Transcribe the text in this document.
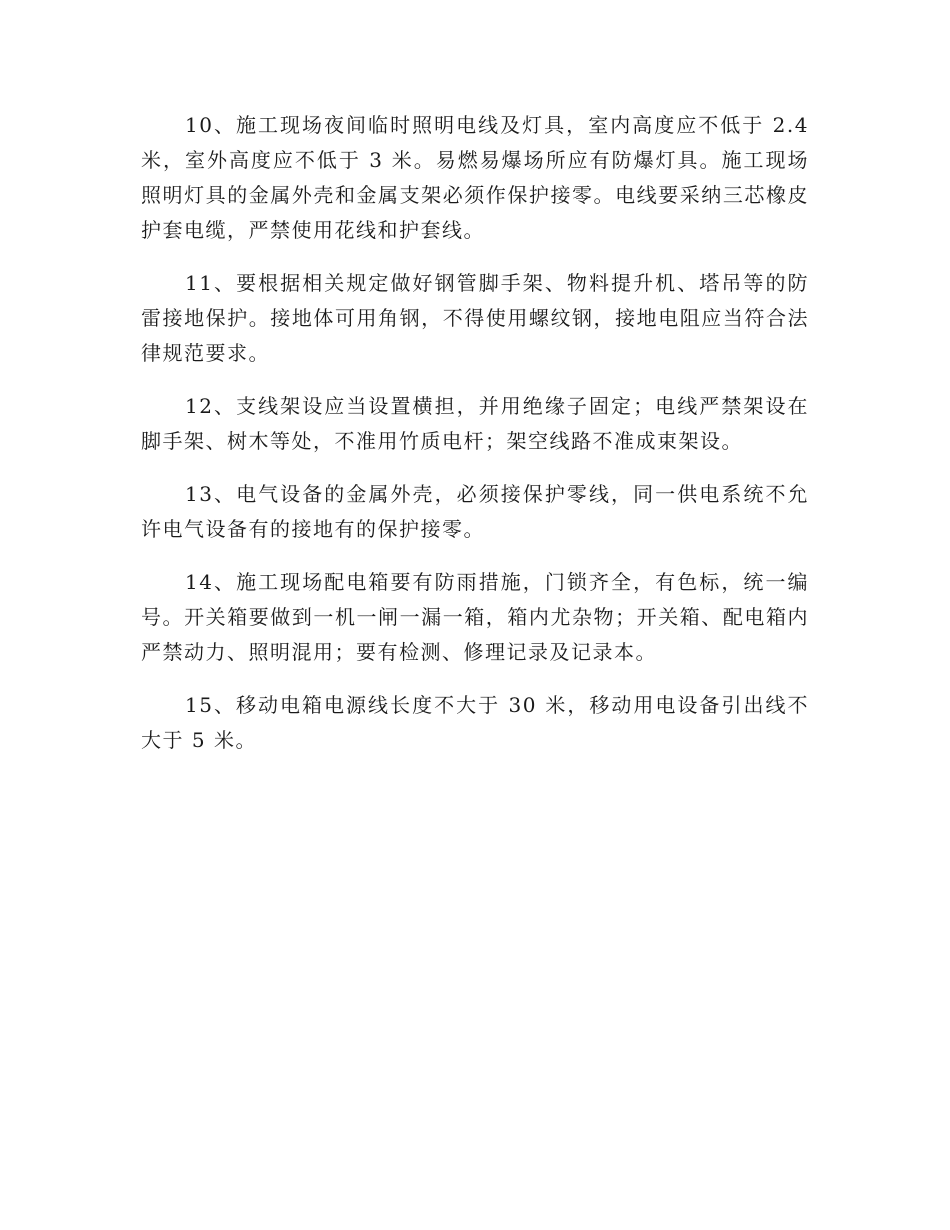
10、施工现场夜间临时照明电线及灯具，室内高度应不低于 2.4 米，室外高度应不低于 3 米。易燃易爆场所应有防爆灯具。施工现场照明灯具的金属外壳和金属支架必须作保护接零。电线要采纳三芯橡皮护套电缆，严禁使用花线和护套线。

11、要根据相关规定做好钢管脚手架、物料提升机、塔吊等的防雷接地保护。接地体可用角钢，不得使用螺纹钢，接地电阻应当符合法律规范要求。

12、支线架设应当设置横担，并用绝缘子固定；电线严禁架设在脚手架、树木等处，不准用竹质电杆；架空线路不准成束架设。

13、电气设备的金属外壳，必须接保护零线，同一供电系统不允许电气设备有的接地有的保护接零。

14、施工现场配电箱要有防雨措施，门锁齐全，有色标，统一编号。开关箱要做到一机一闸一漏一箱，箱内尤杂物；开关箱、配电箱内严禁动力、照明混用；要有检测、修理记录及记录本。

15、移动电箱电源线长度不大于 30 米，移动用电设备引出线不大于 5 米。
